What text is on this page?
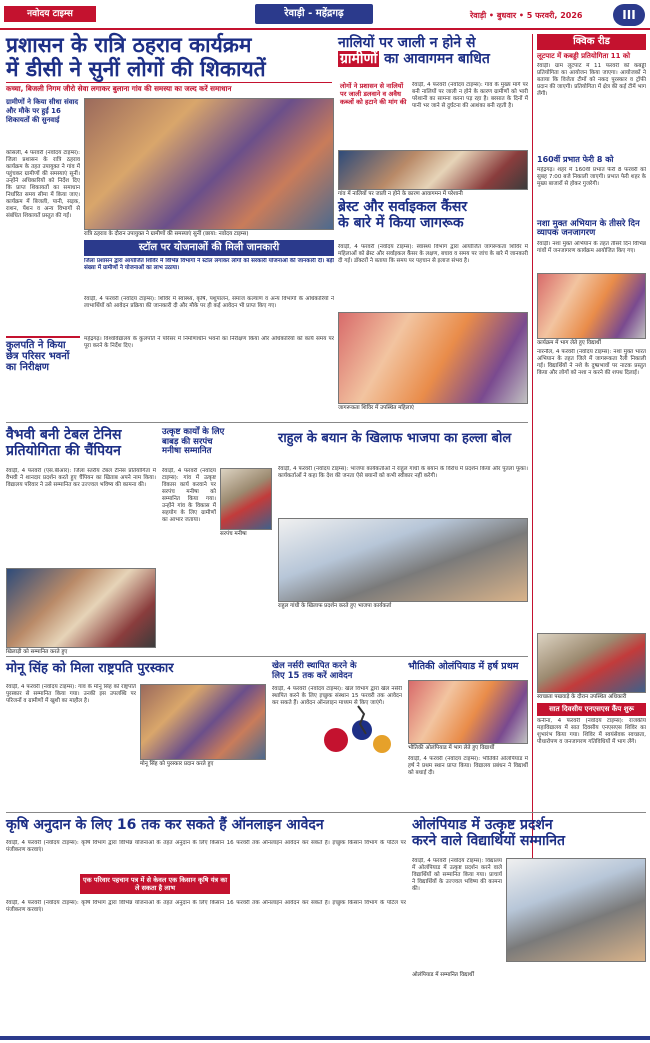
नवोदय टाइम्स	रेवाड़ी - महेंद्रगढ़	रेवाड़ी • बुधवार • 5 फरवरी, 2026	III
प्रशासन के रात्रि ठहराव कार्यक्रम
में डीसी ने सुनीं लोगों की शिकायतें
कच्चा, बिजली निगम जीरो सेवा लगाकर बुलाना गांव की समस्या का जल्द करें समाधान
ग्रामीणों ने किया सीधा संवाद और मौके पर हुई 16 शिकायतों की सुनवाई
कोसली, 4 फरवरी (नवोदय टाइम्स): जिला प्रशासन के रात्रि ठहराव कार्यक्रम के तहत उपायुक्त ने गांव में पहुंचकर ग्रामीणों की समस्याएं सुनीं। उन्होंने अधिकारियों को निर्देश दिए कि प्राप्त शिकायतों का समाधान निर्धारित समय सीमा में किया जाए। कार्यक्रम में बिजली, पानी, सड़क, राशन, पेंशन व अन्य विभागों से संबंधित शिकायतें प्रस्तुत की गईं।
रात्रि ठहराव के दौरान उपायुक्त ने ग्रामीणों की समस्याएं सुनीं (छाया: नवोदय टाइम्स)
नालियों पर जाली न होने से
ग्रामीणों का आवागमन बाधित
लोगों ने प्रशासन से नालियों पर जाली डलवाने व अवैध कब्जों को हटाने की मांग की
रेवाड़ी, 4 फरवरी (नवोदय टाइम्स): गांव के मुख्य मार्ग पर बनी नालियों पर जाली न होने के कारण ग्रामीणों को भारी परेशानी का सामना करना पड़ रहा है। बरसात के दिनों में पानी भर जाने से दुर्घटना की आशंका बनी रहती है।
गांव में नालियों पर जाली न होने के कारण आवागमन में परेशानी
क्विक रीड
लूटपाट में कबड्डी प्रतियोगिता 11 को
रेवाड़ी। ग्राम लूटपाट में 11 फरवरी को कबड्डी प्रतियोगिता का आयोजन किया जाएगा। आयोजकों ने बताया कि विजेता टीमों को नकद पुरस्कार व ट्रॉफी प्रदान की जाएगी। प्रतियोगिता में क्षेत्र की कई टीमें भाग लेंगी।
160वीं प्रभात फेरी 8 को
महेंद्रगढ़। शहर में 160वीं प्रभात फेरी 8 फरवरी को सुबह 7:00 बजे निकाली जाएगी। प्रभात फेरी शहर के मुख्य बाजारों से होकर गुजरेगी।
नशा मुक्त अभियान के तीसरे दिन व्यापक जनजागरण
रेवाड़ी। नशा मुक्त अभियान के तहत तीसरे दिन विभिन्न गांवों में जनजागरण कार्यक्रम आयोजित किए गए।
कार्यक्रम में भाग लेते हुए विद्यार्थी
नारनौल, 4 फरवरी (नवोदय टाइम्स): नशा मुक्त भारत अभियान के तहत जिले में जागरूकता रैली निकाली गई। विद्यार्थियों ने नशे के दुष्प्रभावों पर नाटक प्रस्तुत किया और लोगों को नशा न करने की शपथ दिलाई।
स्वच्छता पखवाड़े के दौरान उपस्थित अधिकारी
सात दिवसीय एनएसएस कैंप शुरू
कनीना, 4 फरवरी (नवोदय टाइम्स): राजकीय महाविद्यालय में सात दिवसीय एनएसएस शिविर का शुभारंभ किया गया। शिविर में स्वयंसेवक स्वच्छता, पौधारोपण व जनजागरण गतिविधियों में भाग लेंगे।
स्टॉल पर योजनाओं की मिली जानकारी
जिला प्रशासन द्वारा आयोजित शिविर में विभिन्न विभागों ने स्टॉल लगाकर लोगों को सरकारी योजनाओं की जानकारी दी। बड़ी संख्या में ग्रामीणों ने योजनाओं का लाभ उठाया।
रेवाड़ी, 4 फरवरी (नवोदय टाइम्स): शिविर में स्वास्थ्य, कृषि, पशुपालन, समाज कल्याण व अन्य विभागों के अधिकारियों ने लाभार्थियों को आवेदन प्रक्रिया की जानकारी दी और मौके पर ही कई आवेदन भी प्राप्त किए गए।
कुलपति ने किया छेत्र परिसर भवनों का निरीक्षण
महेंद्रगढ़। विश्वविद्यालय के कुलपति ने परिसर में निर्माणाधीन भवनों का निरीक्षण किया और अधिकारियों को कार्य समय पर पूरा करने के निर्देश दिए।
ब्रेस्ट और सर्वाइकल कैंसर
के बारे में किया जागरूक
रेवाड़ी, 4 फरवरी (नवोदय टाइम्स): स्वास्थ्य विभाग द्वारा आयोजित जागरूकता शिविर में महिलाओं को ब्रेस्ट और सर्वाइकल कैंसर के लक्षण, बचाव व समय पर जांच के बारे में जानकारी दी गई। डॉक्टरों ने बताया कि समय पर पहचान से इलाज संभव है।
जागरूकता शिविर में उपस्थित महिलाएं
वैभवी बनी टेबल टेनिस
प्रतियोगिता की चैंपियन
रेवाड़ी, 4 फरवरी (एस.बीआर): जिला स्तरीय टेबल टेनिस प्रतियोगिता में वैभवी ने शानदार प्रदर्शन करते हुए चैंपियन का खिताब अपने नाम किया। विद्यालय परिवार ने उसे सम्मानित कर उज्ज्वल भविष्य की कामना की।
खिलाड़ी को सम्मानित करते हुए
उत्कृष्ट कार्यों के लिए
बाबड़ की सरपंच
मनीषा सम्मानित
सरपंच मनीषा
रेवाड़ी, 4 फरवरी (नवोदय टाइम्स): गांव में उत्कृष्ट विकास कार्य करवाने पर सरपंच मनीषा को सम्मानित किया गया। उन्होंने गांव के विकास में सहयोग के लिए ग्रामीणों का आभार जताया।
राहुल के बयान के खिलाफ भाजपा का हल्ला बोल
रेवाड़ी, 4 फरवरी (नवोदय टाइम्स): भाजपा कार्यकर्ताओं ने राहुल गांधी के बयान के विरोध में प्रदर्शन किया और पुतला फूंका। कार्यकर्ताओं ने कहा कि देश की जनता ऐसे बयानों को कभी स्वीकार नहीं करेगी।
राहुल गांधी के खिलाफ प्रदर्शन करते हुए भाजपा कार्यकर्ता
मोनू सिंह को मिला राष्ट्रपति पुरस्कार
रेवाड़ी, 4 फरवरी (नवोदय टाइम्स): गांव के मोनू सिंह को राष्ट्रपति पुरस्कार से सम्मानित किया गया। उनकी इस उपलब्धि पर परिजनों व ग्रामीणों में खुशी का माहौल है।
मोनू सिंह को पुरस्कार प्रदान करते हुए
खेल नर्सरी स्थापित करने के
लिए 15 तक करें आवेदन
रेवाड़ी, 4 फरवरी (नवोदय टाइम्स): खेल विभाग द्वारा खेल नर्सरी स्थापित करने के लिए इच्छुक संस्थान 15 फरवरी तक आवेदन कर सकते हैं। आवेदन ऑनलाइन माध्यम से किए जाएंगे।
भौतिकी ओलंपियाड में हर्ष प्रथम
भौतिकी ओलंपियाड में भाग लेते हुए विद्यार्थी
रेवाड़ी, 4 फरवरी (नवोदय टाइम्स): भौतिकी ओलंपियाड में हर्ष ने प्रथम स्थान प्राप्त किया। विद्यालय प्रबंधन ने विद्यार्थी को बधाई दी।
कृषि अनुदान के लिए 16 तक कर सकते हैं ऑनलाइन आवेदन
रेवाड़ी, 4 फरवरी (नवोदय टाइम्स): कृषि विभाग द्वारा विभिन्न योजनाओं के तहत अनुदान के लिए किसान 16 फरवरी तक ऑनलाइन आवेदन कर सकते हैं। इच्छुक किसान विभाग के पोर्टल पर पंजीकरण करवाएं।
एक परिवार पहचान पत्र में से केवल एक किसान कृषि यंत्र का ले सकता है लाभ
रेवाड़ी, 4 फरवरी (नवोदय टाइम्स): कृषि विभाग द्वारा विभिन्न योजनाओं के तहत अनुदान के लिए किसान 16 फरवरी तक ऑनलाइन आवेदन कर सकते हैं। इच्छुक किसान विभाग के पोर्टल पर पंजीकरण करवाएं।
ओलंपियाड में उत्कृष्ट प्रदर्शन
करने वाले विद्यार्थियों सम्मानित
रेवाड़ी, 4 फरवरी (नवोदय टाइम्स): विद्यालय में ओलंपियाड में उत्कृष्ट प्रदर्शन करने वाले विद्यार्थियों को सम्मानित किया गया। प्राचार्य ने विद्यार्थियों के उज्ज्वल भविष्य की कामना की।
ओलंपियाड में सम्मानित विद्यार्थी
